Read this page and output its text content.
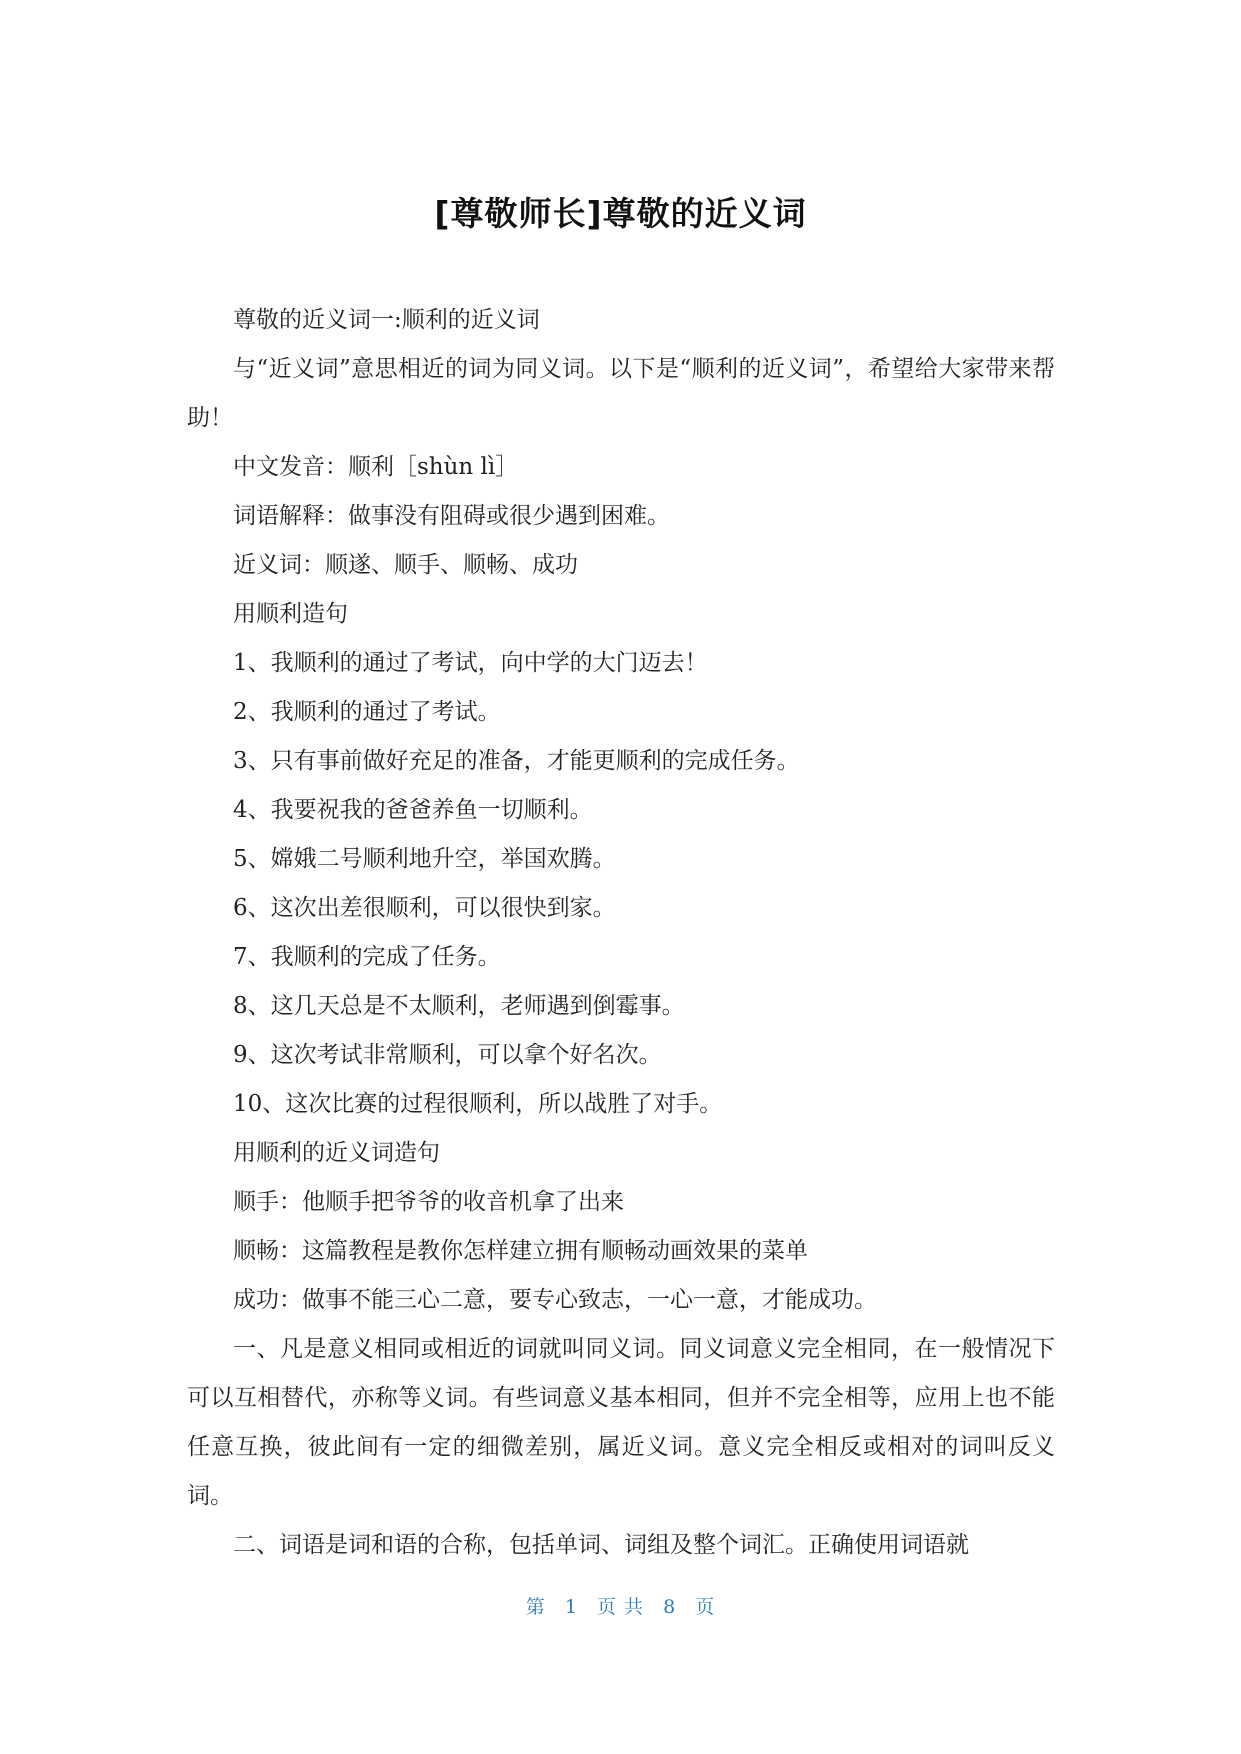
[尊敬师长]尊敬的近义词

尊敬的近义词一:顺利的近义词

与“近义词”意思相近的词为同义词。以下是“顺利的近义词”，希望给大家带来帮助！

中文发音：顺利［shùn lì］

词语解释：做事没有阻碍或很少遇到困难。

近义词：顺遂、顺手、顺畅、成功

用顺利造句

1、我顺利的通过了考试，向中学的大门迈去！

2、我顺利的通过了考试。

3、只有事前做好充足的准备，才能更顺利的完成任务。

4、我要祝我的爸爸养鱼一切顺利。

5、嫦娥二号顺利地升空，举国欢腾。

6、这次出差很顺利，可以很快到家。

7、我顺利的完成了任务。

8、这几天总是不太顺利，老师遇到倒霉事。

9、这次考试非常顺利，可以拿个好名次。

10、这次比赛的过程很顺利，所以战胜了对手。

用顺利的近义词造句

顺手：他顺手把爷爷的收音机拿了出来

顺畅：这篇教程是教你怎样建立拥有顺畅动画效果的菜单

成功：做事不能三心二意，要专心致志，一心一意，才能成功。

一、凡是意义相同或相近的词就叫同义词。同义词意义完全相同，在一般情况下可以互相替代，亦称等义词。有些词意义基本相同，但并不完全相等，应用上也不能任意互换，彼此间有一定的细微差别，属近义词。意义完全相反或相对的词叫反义词。

二、词语是词和语的合称，包括单词、词组及整个词汇。正确使用词语就

第 1 页 共 8 页
